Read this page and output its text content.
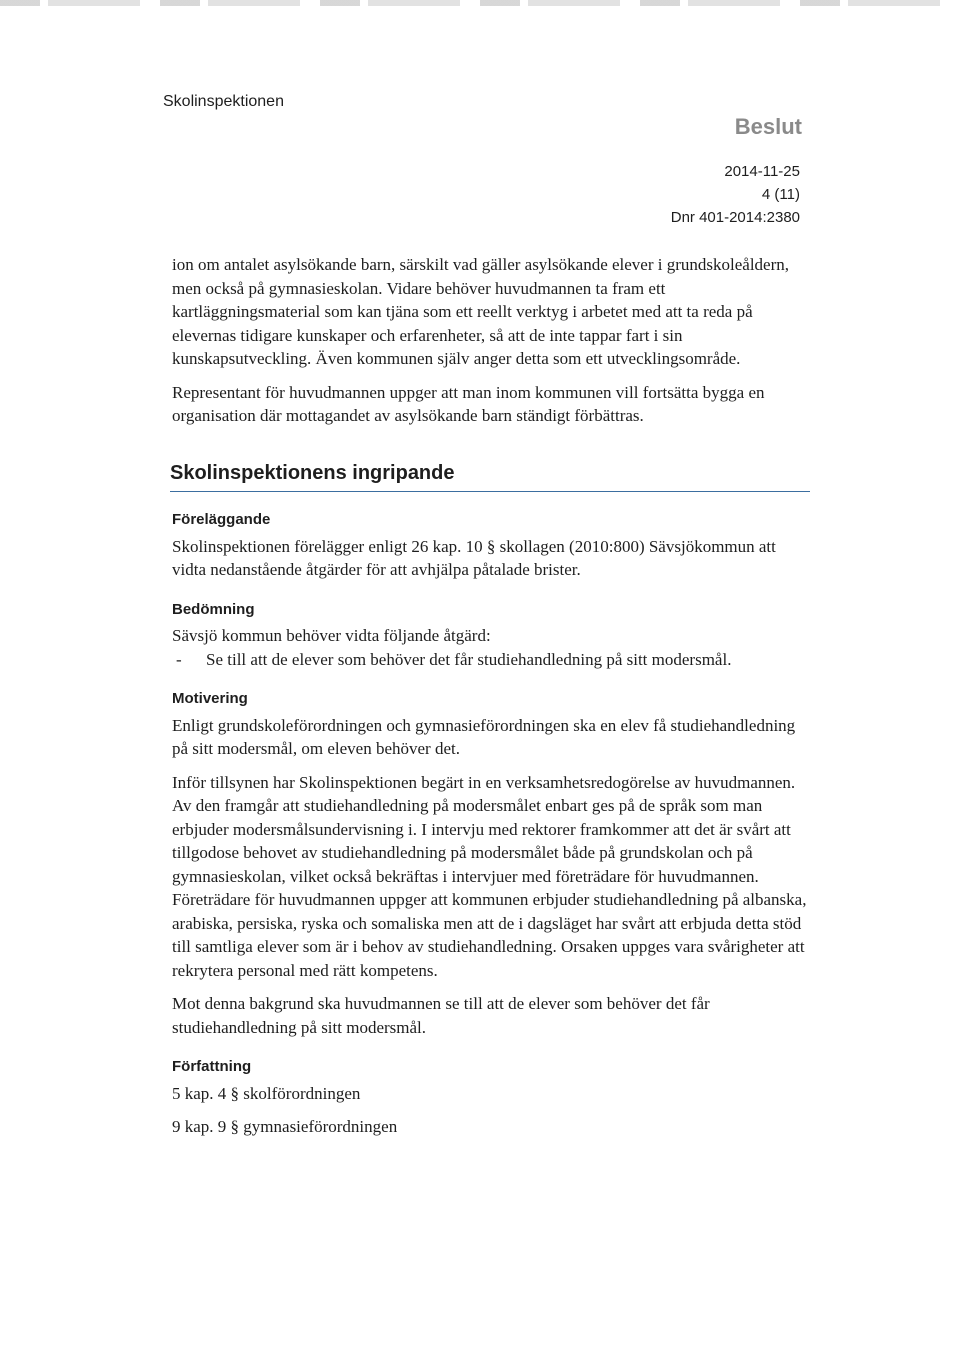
Skolinspektionen
Beslut
2014-11-25
4 (11)
Dnr 401-2014:2380

ion om antalet asylsökande barn, särskilt vad gäller asylsökande elever i grundskoleåldern, men också på gymnasieskolan. Vidare behöver huvudmannen ta fram ett kartläggningsmaterial som kan tjäna som ett reellt verktyg i arbetet med att ta reda på elevernas tidigare kunskaper och erfarenheter, så att de inte tappar fart i sin kunskapsutveckling. Även kommunen själv anger detta som ett utvecklingsområde.

Representant för huvudmannen uppger att man inom kommunen vill fortsätta bygga en organisation där mottagandet av asylsökande barn ständigt förbättras.

Skolinspektionens ingripande
Föreläggande

Skolinspektionen förelägger enligt 26 kap. 10 § skollagen (2010:800) Sävsjökommun att vidta nedanstående åtgärder för att avhjälpa påtalade brister.

Bedömning

Sävsjö kommun behöver vidta följande åtgärd:

-	Se till att de elever som behöver det får studiehandledning på sitt modersmål.
Motivering

Enligt grundskoleförordningen och gymnasieförordningen ska en elev få studiehandledning på sitt modersmål, om eleven behöver det.

Inför tillsynen har Skolinspektionen begärt in en verksamhetsredogörelse av huvudmannen. Av den framgår att studiehandledning på modersmålet enbart ges på de språk som man erbjuder modersmålsundervisning i. I intervju med rektorer framkommer att det är svårt att tillgodose behovet av studiehandledning på modersmålet både på grundskolan och på gymnasieskolan, vilket också bekräftas i intervjuer med företrädare för huvudmannen. Företrädare för huvudmannen uppger att kommunen erbjuder studiehandledning på albanska, arabiska, persiska, ryska och somaliska men att de i dagsläget har svårt att erbjuda detta stöd till samtliga elever som är i behov av studiehandledning. Orsaken uppges vara svårigheter att rekrytera personal med rätt kompetens.

Mot denna bakgrund ska huvudmannen se till att de elever som behöver det får studiehandledning på sitt modersmål.

Författning

5 kap. 4 § skolförordningen

9 kap. 9 § gymnasieförordningen
